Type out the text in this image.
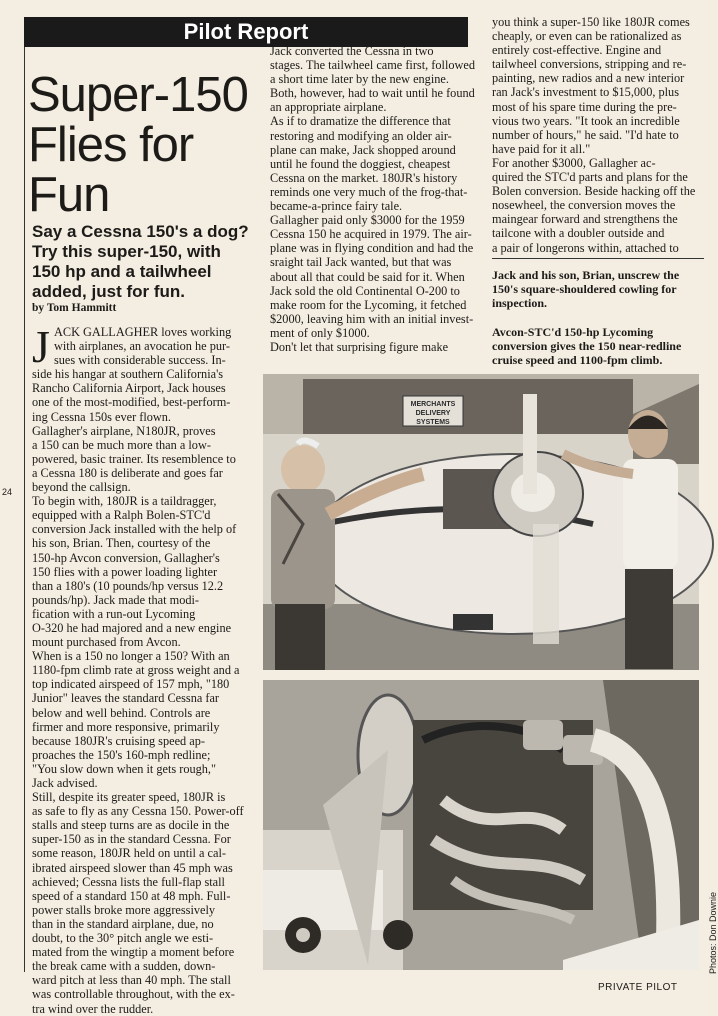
Pilot Report
Super-150
Flies for
Fun
Say a Cessna 150's a dog?
Try this super-150, with
150 hp and a tailwheel
added, just for fun.
by Tom Hammitt
J ACK GALLAGHER loves working
with airplanes, an avocation he pur-
sues with considerable success. In-
side his hangar at southern California's
Rancho California Airport, Jack houses
one of the most-modified, best-perform-
ing Cessna 150s ever flown.
Gallagher's airplane, N180JR, proves
a 150 can be much more than a low-
powered, basic trainer. Its resemblence to
a Cessna 180 is deliberate and goes far
beyond the callsign.
To begin with, 180JR is a taildragger,
equipped with a Ralph Bolen-STC'd
conversion Jack installed with the help of
his son, Brian. Then, courtesy of the
150-hp Avcon conversion, Gallagher's
150 flies with a power loading lighter
than a 180's (10 pounds/hp versus 12.2
pounds/hp). Jack made that modi-
fication with a run-out Lycoming
O-320 he had majored and a new engine
mount purchased from Avcon.
When is a 150 no longer a 150? With an
1180-fpm climb rate at gross weight and a
top indicated airspeed of 157 mph, "180
Junior" leaves the standard Cessna far
below and well behind. Controls are
firmer and more responsive, primarily
because 180JR's cruising speed ap-
proaches the 150's 160-mph redline;
"You slow down when it gets rough,"
Jack advised.
Still, despite its greater speed, 180JR is
as safe to fly as any Cessna 150. Power-off
stalls and steep turns are as docile in the
super-150 as in the standard Cessna. For
some reason, 180JR held on until a cal-
ibrated airspeed slower than 45 mph was
achieved; Cessna lists the full-flap stall
speed of a standard 150 at 48 mph. Full-
power stalls broke more aggressively
than in the standard airplane, due, no
doubt, to the 30° pitch angle we esti-
mated from the wingtip a moment before
the break came with a sudden, down-
ward pitch at less than 40 mph. The stall
was controllable throughout, with the ex-
tra wind over the rudder.
Jack converted the Cessna in two
stages. The tailwheel came first, followed
a short time later by the new engine.
Both, however, had to wait until he found
an appropriate airplane.
As if to dramatize the difference that
restoring and modifying an older air-
plane can make, Jack shopped around
until he found the doggiest, cheapest
Cessna on the market. 180JR's history
reminds one very much of the frog-that-
became-a-prince fairy tale.
Gallagher paid only $3000 for the 1959
Cessna 150 he acquired in 1979. The air-
plane was in flying condition and had the
sraight tail Jack wanted, but that was
about all that could be said for it. When
Jack sold the old Continental O-200 to
make room for the Lycoming, it fetched
$2000, leaving him with an initial invest-
ment of only $1000.
Don't let that surprising figure make
you think a super-150 like 180JR comes
cheaply, or even can be rationalized as
entirely cost-effective. Engine and
tailwheel conversions, stripping and re-
painting, new radios and a new interior
ran Jack's investment to $15,000, plus
most of his spare time during the pre-
vious two years. "It took an incredible
number of hours," he said. "I'd hate to
have paid for it all."
For another $3000, Gallagher ac-
quired the STC'd parts and plans for the
Bolen conversion. Beside hacking off the
nosewheel, the conversion moves the
maingear forward and strengthens the
tailcone with a doubler outside and
a pair of longerons within, attached to
Jack and his son, Brian, unscrew the
150's square-shouldered cowling for
inspection.
Avcon-STC'd 150-hp Lycoming
conversion gives the 150 near-redline
cruise speed and 1100-fpm climb.
24
MERCHANTS
DELIVERY
SYSTEMS
Photos: Don Downie
PRIVATE PILOT
